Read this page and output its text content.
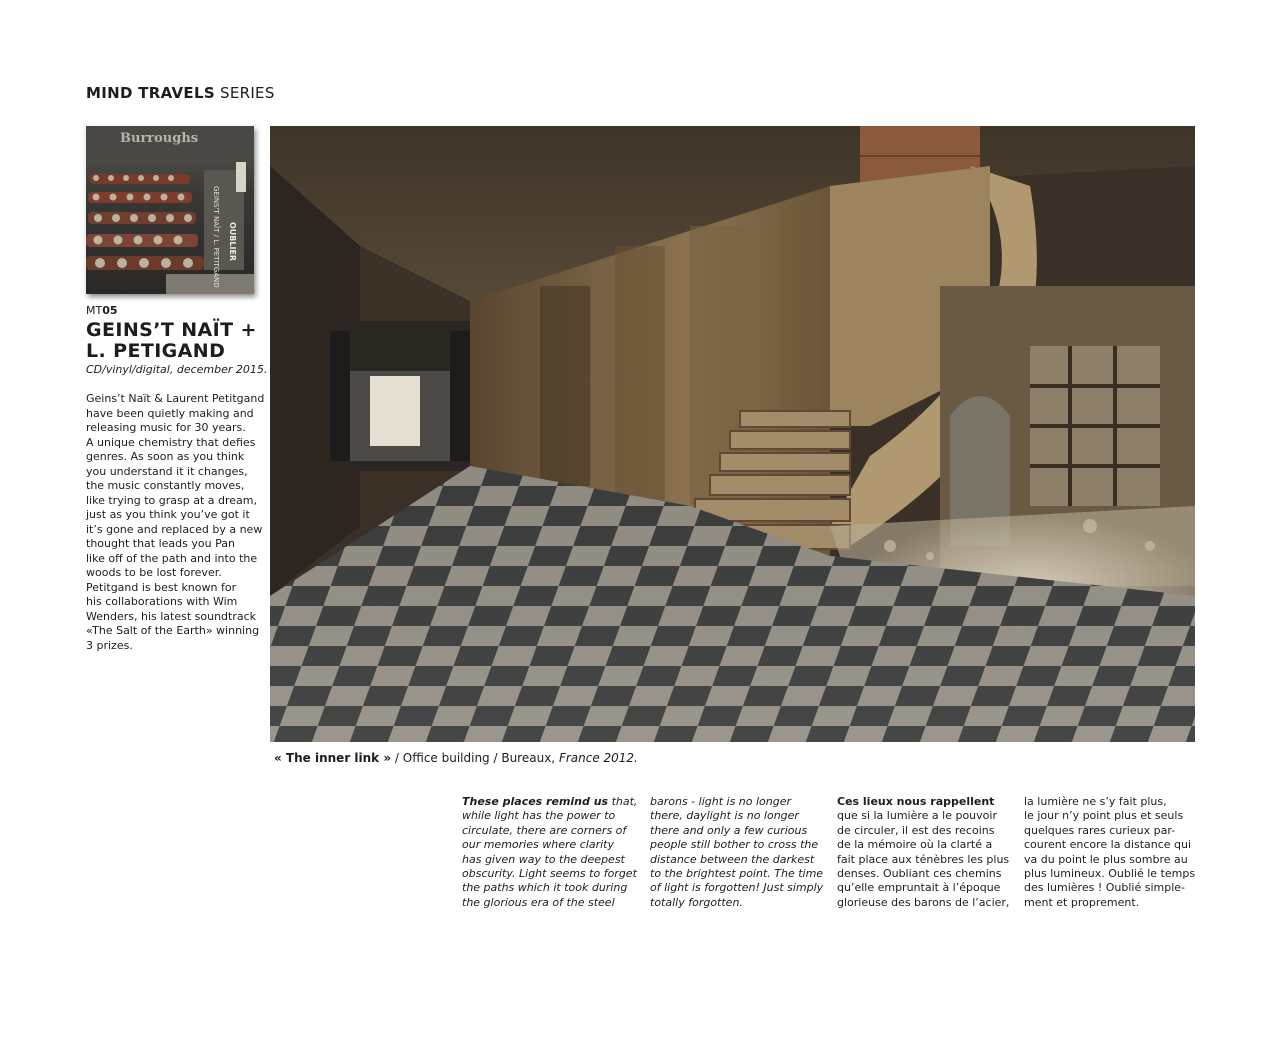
MIND TRAVELS SERIES
Burroughs
GEINS'T NAÏT / L. PETITGAND OUBLIER
MT05
GEINS’T NAÏT +
L. PETIGAND
CD/vinyl/digital, december 2015.
Geins’t Naït & Laurent Petitgand
have been quietly making and
releasing music for 30 years.
A unique chemistry that defies
genres. As soon as you think
you understand it it changes,
the music constantly moves,
like trying to grasp at a dream,
just as you think you’ve got it
it’s gone and replaced by a new
thought that leads you Pan
like off of the path and into the
woods to be lost forever.
Petitgand is best known for
his collaborations with Wim
Wenders, his latest soundtrack
«The Salt of the Earth» winning
3 prizes.
« The inner link » / Office building / Bureaux, France 2012.
These places remind us that,
while light has the power to
circulate, there are corners of
our memories where clarity
has given way to the deepest
obscurity. Light seems to forget
the paths which it took during
the glorious era of the steel
barons - light is no longer
there, daylight is no longer
there and only a few curious
people still bother to cross the
distance between the darkest
to the brightest point. The time
of light is forgotten! Just simply
totally forgotten.
Ces lieux nous rappellent
que si la lumière a le pouvoir
de circuler, il est des recoins
de la mémoire où la clarté a
fait place aux ténèbres les plus
denses. Oubliant ces chemins
qu’elle empruntait à l’époque
glorieuse des barons de l’acier,
la lumière ne s’y fait plus,
le jour n’y point plus et seuls
quelques rares curieux par-
courent encore la distance qui
va du point le plus sombre au
plus lumineux. Oublié le temps
des lumières ! Oublié simple-
ment et proprement.
